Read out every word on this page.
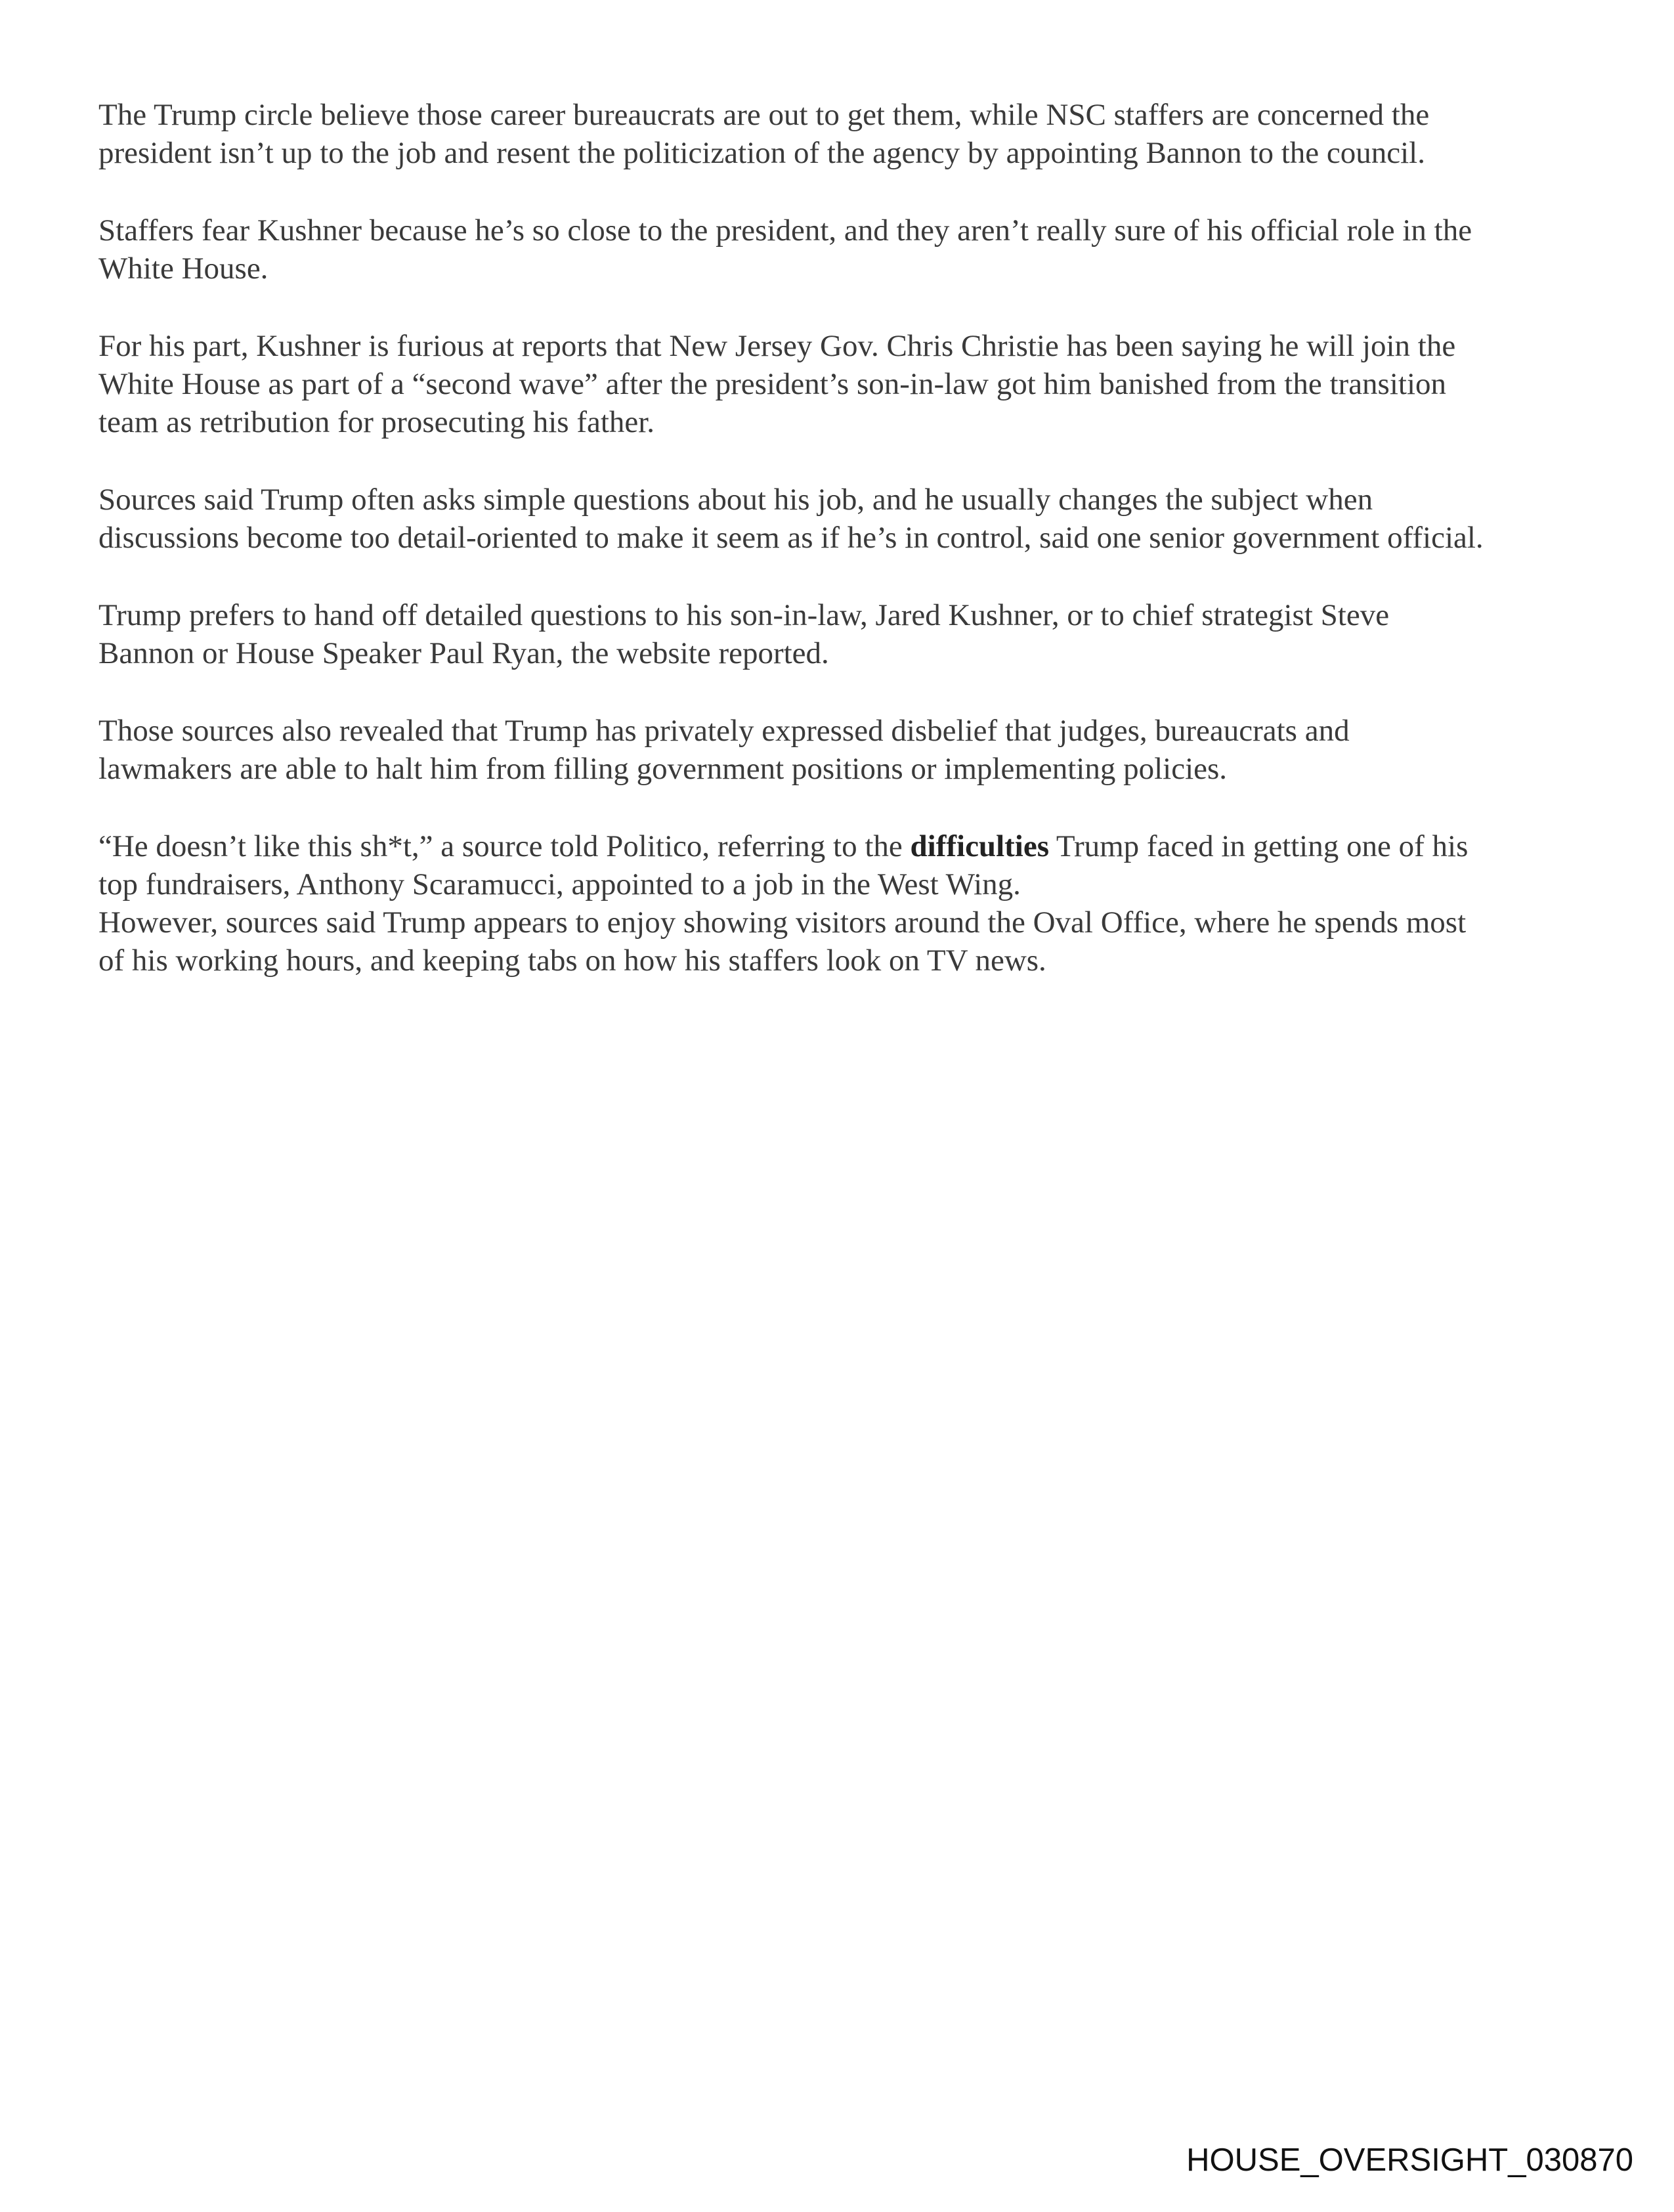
The Trump circle believe those career bureaucrats are out to get them, while NSC staffers are concerned the
president isn’t up to the job and resent the politicization of the agency by appointing Bannon to the council.

Staffers fear Kushner because he’s so close to the president, and they aren’t really sure of his official role in the
White House.

For his part, Kushner is furious at reports that New Jersey Gov. Chris Christie has been saying he will join the
White House as part of a “second wave” after the president’s son-in-law got him banished from the transition
team as retribution for prosecuting his father.

Sources said Trump often asks simple questions about his job, and he usually changes the subject when
discussions become too detail-oriented to make it seem as if he’s in control, said one senior government official.

Trump prefers to hand off detailed questions to his son-in-law, Jared Kushner, or to chief strategist Steve
Bannon or House Speaker Paul Ryan, the website reported.

Those sources also revealed that Trump has privately expressed disbelief that judges, bureaucrats and
lawmakers are able to halt him from filling government positions or implementing policies.

“He doesn’t like this sh*t,” a source told Politico, referring to the difficulties Trump faced in getting one of his
top fundraisers, Anthony Scaramucci, appointed to a job in the West Wing.
However, sources said Trump appears to enjoy showing visitors around the Oval Office, where he spends most
of his working hours, and keeping tabs on how his staffers look on TV news.

HOUSE_OVERSIGHT_030870
